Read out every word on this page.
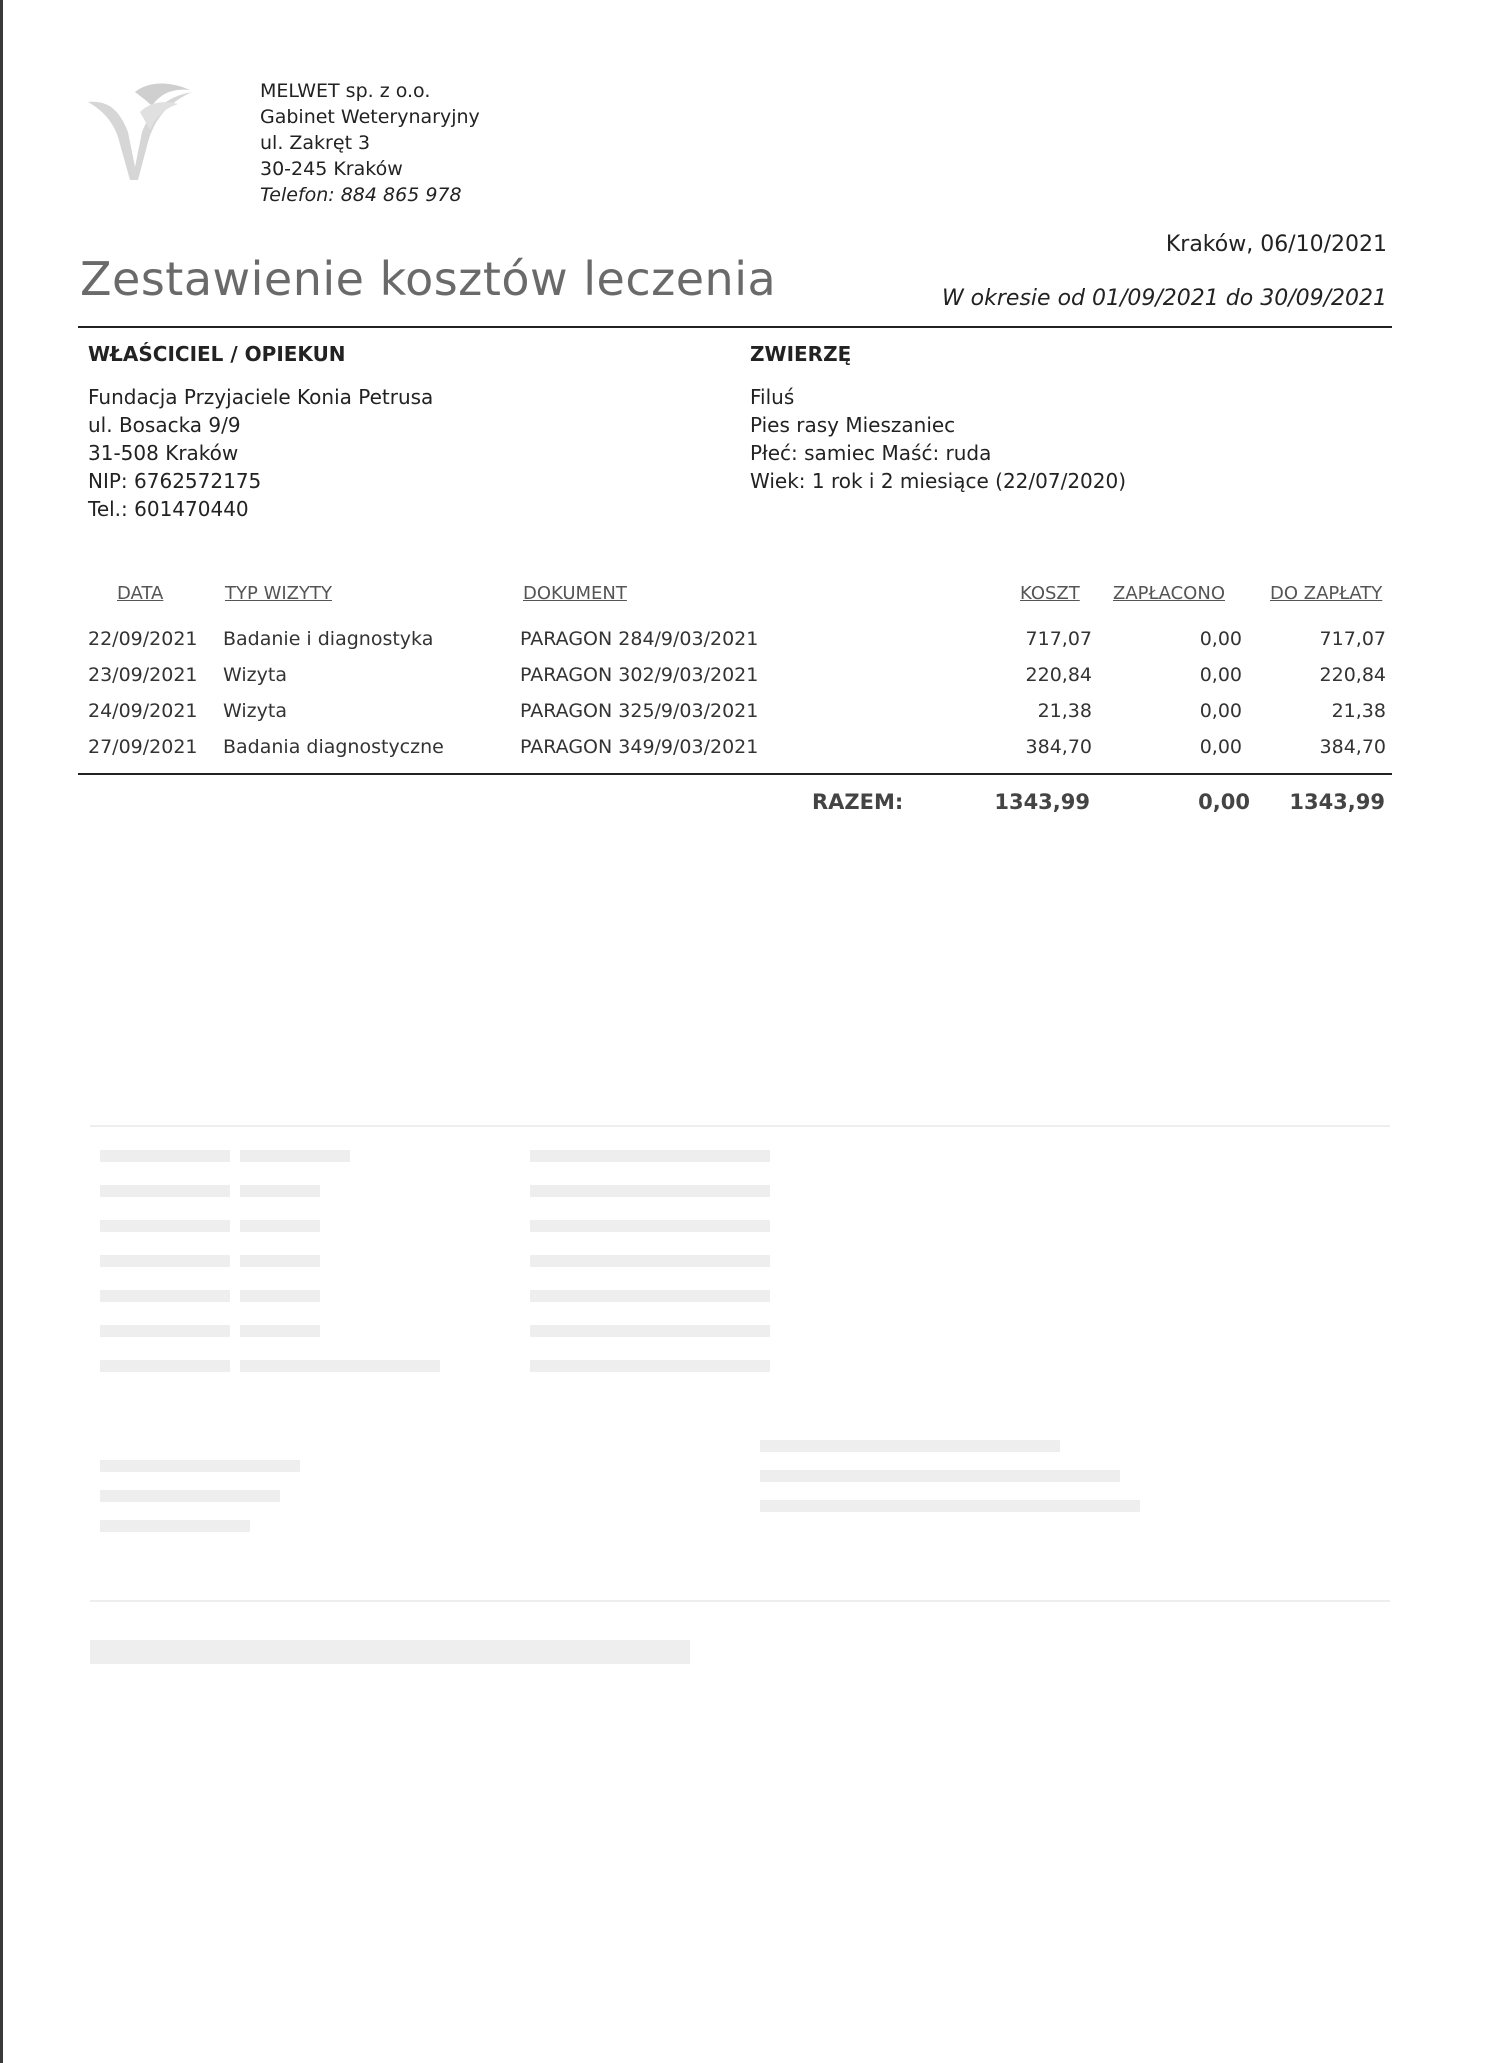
MELWET sp. z o.o.
Gabinet Weterynaryjny
ul. Zakręt 3
30-245 Kraków
Telefon: 884 865 978
Zestawienie kosztów leczenia
Kraków, 06/10/2021
W okresie od 01/09/2021 do 30/09/2021
WŁAŚCICIEL / OPIEKUN
Fundacja Przyjaciele Konia Petrusa
ul. Bosacka 9/9
31-508 Kraków
NIP: 6762572175
Tel.: 601470440
ZWIERZĘ
Filuś
Pies rasy Mieszaniec
Płeć: samiec Maść: ruda
Wiek: 1 rok i 2 miesiące (22/07/2020)
DATA	TYP WIZYTY	DOKUMENT	KOSZT ZAPŁACONO	DO ZAPŁATY
22/09/2021 Badanie i diagnostyka	PARAGON 284/9/03/2021	717,07	0,00	717,07
23/09/2021 Wizyta	PARAGON 302/9/03/2021	220,84	0,00	220,84
24/09/2021 Wizyta	PARAGON 325/9/03/2021	21,38	0,00	21,38
27/09/2021 Badania diagnostyczne	PARAGON 349/9/03/2021	384,70	0,00	384,70
RAZEM:	1343,99	0,00	1343,99
